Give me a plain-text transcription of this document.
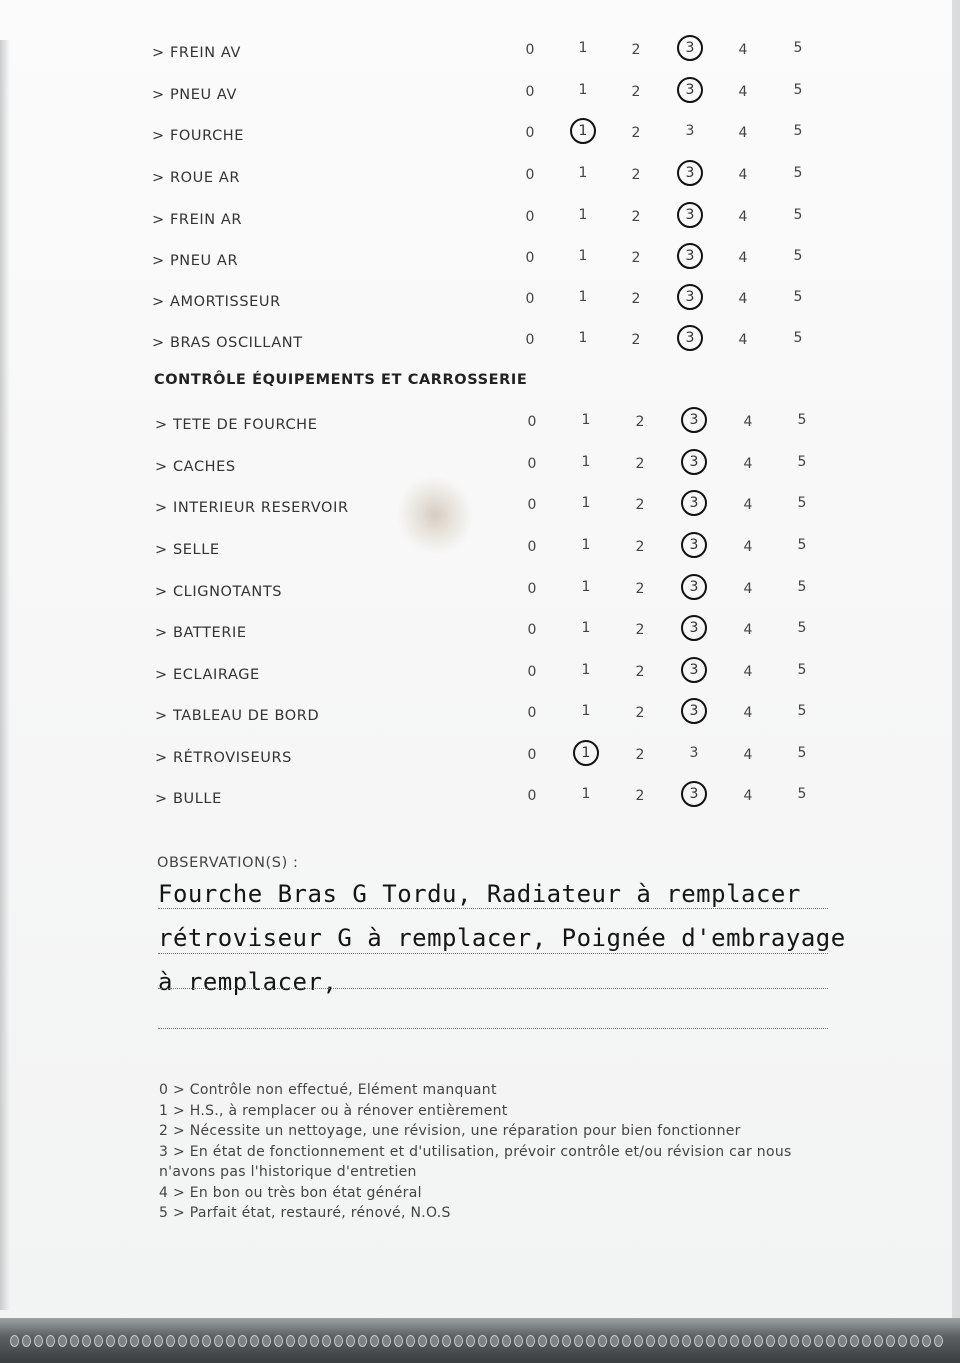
> FREIN AV	0	1	2	3	4	5
> PNEU AV	0	1	2	3	4	5
> FOURCHE	0	1	2	3	4	5
> ROUE AR	0	1	2	3	4	5
> FREIN AR	0	1	2	3	4	5
> PNEU AR	0	1	2	3	4	5
> AMORTISSEUR	0	1	2	3	4	5
> BRAS OSCILLANT	0	1	2	3	4	5
CONTRÔLE ÉQUIPEMENTS ET CARROSSERIE
> TETE DE FOURCHE	0	1	2	3	4	5
> CACHES	0	1	2	3	4	5
> INTERIEUR RESERVOIR	0	1	2	3	4	5
> SELLE	0	1	2	3	4	5
> CLIGNOTANTS	0	1	2	3	4	5
> BATTERIE	0	1	2	3	4	5
> ECLAIRAGE	0	1	2	3	4	5
> TABLEAU DE BORD	0	1	2	3	4	5
> RÉTROVISEURS	0	1	2	3	4	5
> BULLE	0	1	2	3	4	5
OBSERVATION(S) :
Fourche Bras G Tordu, Radiateur à remplacer
rétroviseur G à remplacer, Poignée d'embrayage
à remplacer,

0 > Contrôle non effectué, Elément manquant

1 > H.S., à remplacer ou à rénover entièrement

2 > Nécessite un nettoyage, une révision, une réparation pour bien fonctionner

3 > En état de fonctionnement et d'utilisation, prévoir contrôle et/ou révision car nous

n'avons pas l'historique d'entretien

4 > En bon ou très bon état général

5 > Parfait état, restauré, rénové, N.O.S
